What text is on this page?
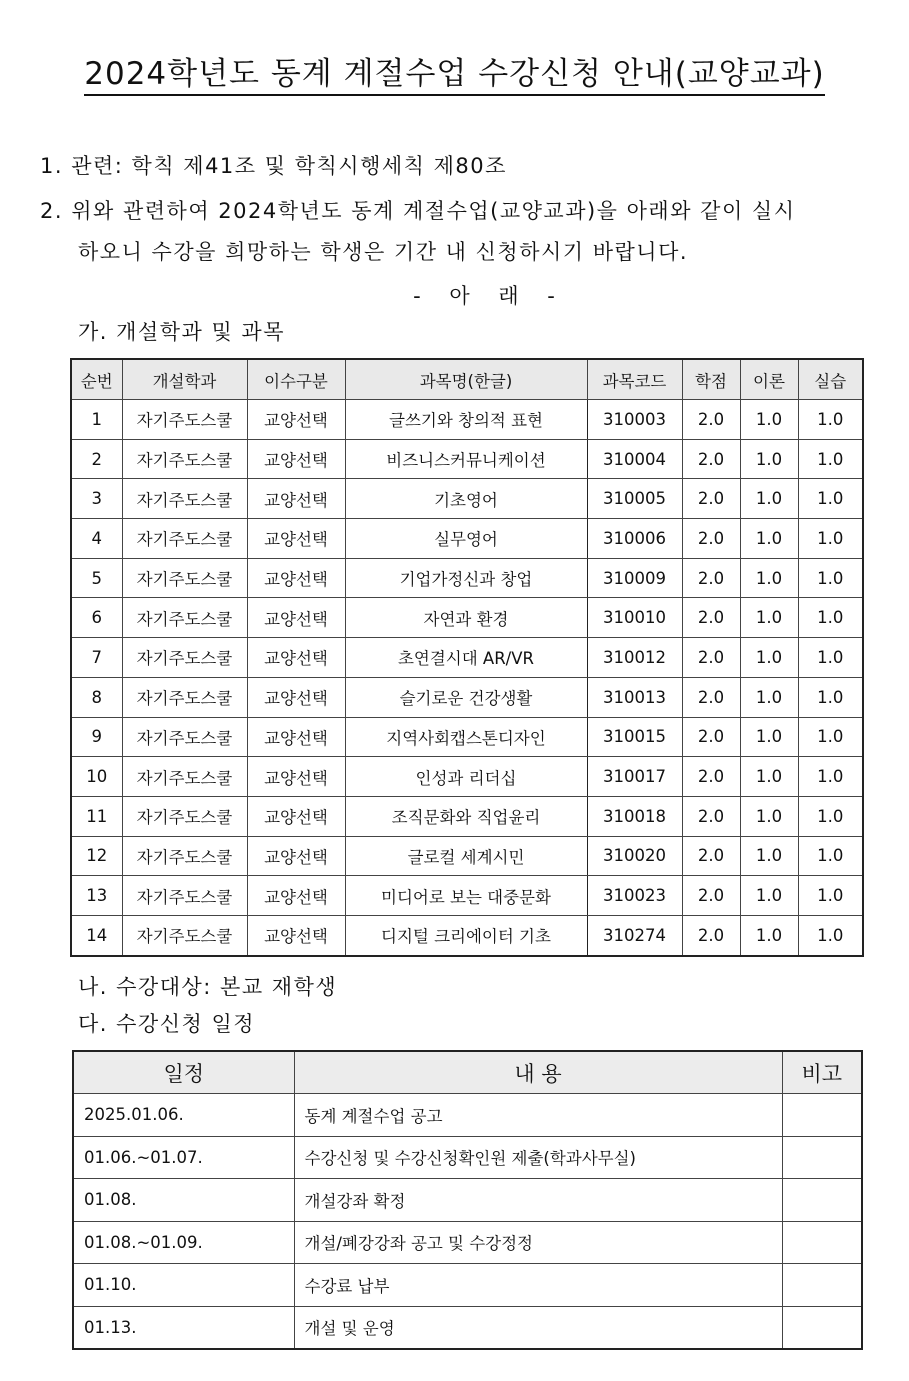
2024학년도 동계 계절수업 수강신청 안내(교양교과)
1. 관련: 학칙 제41조 및 학칙시행세칙 제80조
2. 위와 관련하여 2024학년도 동계 계절수업(교양교과)을 아래와 같이 실시
하오니 수강을 희망하는 학생은 기간 내 신청하시기 바랍니다.
- 아 래 -
가. 개설학과 및 과목
순번	개설학과	이수구분	과목명(한글)	과목코드	학점	이론	실습
1	자기주도스쿨	교양선택	글쓰기와 창의적 표현	310003	2.0	1.0	1.0
2	자기주도스쿨	교양선택	비즈니스커뮤니케이션	310004	2.0	1.0	1.0
3	자기주도스쿨	교양선택	기초영어	310005	2.0	1.0	1.0
4	자기주도스쿨	교양선택	실무영어	310006	2.0	1.0	1.0
5	자기주도스쿨	교양선택	기업가정신과 창업	310009	2.0	1.0	1.0
6	자기주도스쿨	교양선택	자연과 환경	310010	2.0	1.0	1.0
7	자기주도스쿨	교양선택	초연결시대 AR/VR	310012	2.0	1.0	1.0
8	자기주도스쿨	교양선택	슬기로운 건강생활	310013	2.0	1.0	1.0
9	자기주도스쿨	교양선택	지역사회캡스톤디자인	310015	2.0	1.0	1.0
10	자기주도스쿨	교양선택	인성과 리더십	310017	2.0	1.0	1.0
11	자기주도스쿨	교양선택	조직문화와 직업윤리	310018	2.0	1.0	1.0
12	자기주도스쿨	교양선택	글로컬 세계시민	310020	2.0	1.0	1.0
13	자기주도스쿨	교양선택	미디어로 보는 대중문화	310023	2.0	1.0	1.0
14	자기주도스쿨	교양선택	디지털 크리에이터 기초	310274	2.0	1.0	1.0
나. 수강대상: 본교 재학생
다. 수강신청 일정
일정	내 용	비고
2025.01.06.	동계 계절수업 공고	
01.06.~01.07.	수강신청 및 수강신청확인원 제출(학과사무실)	
01.08.	개설강좌 확정	
01.08.~01.09.	개설/폐강강좌 공고 및 수강정정	
01.10.	수강료 납부	
01.13.	개설 및 운영	
